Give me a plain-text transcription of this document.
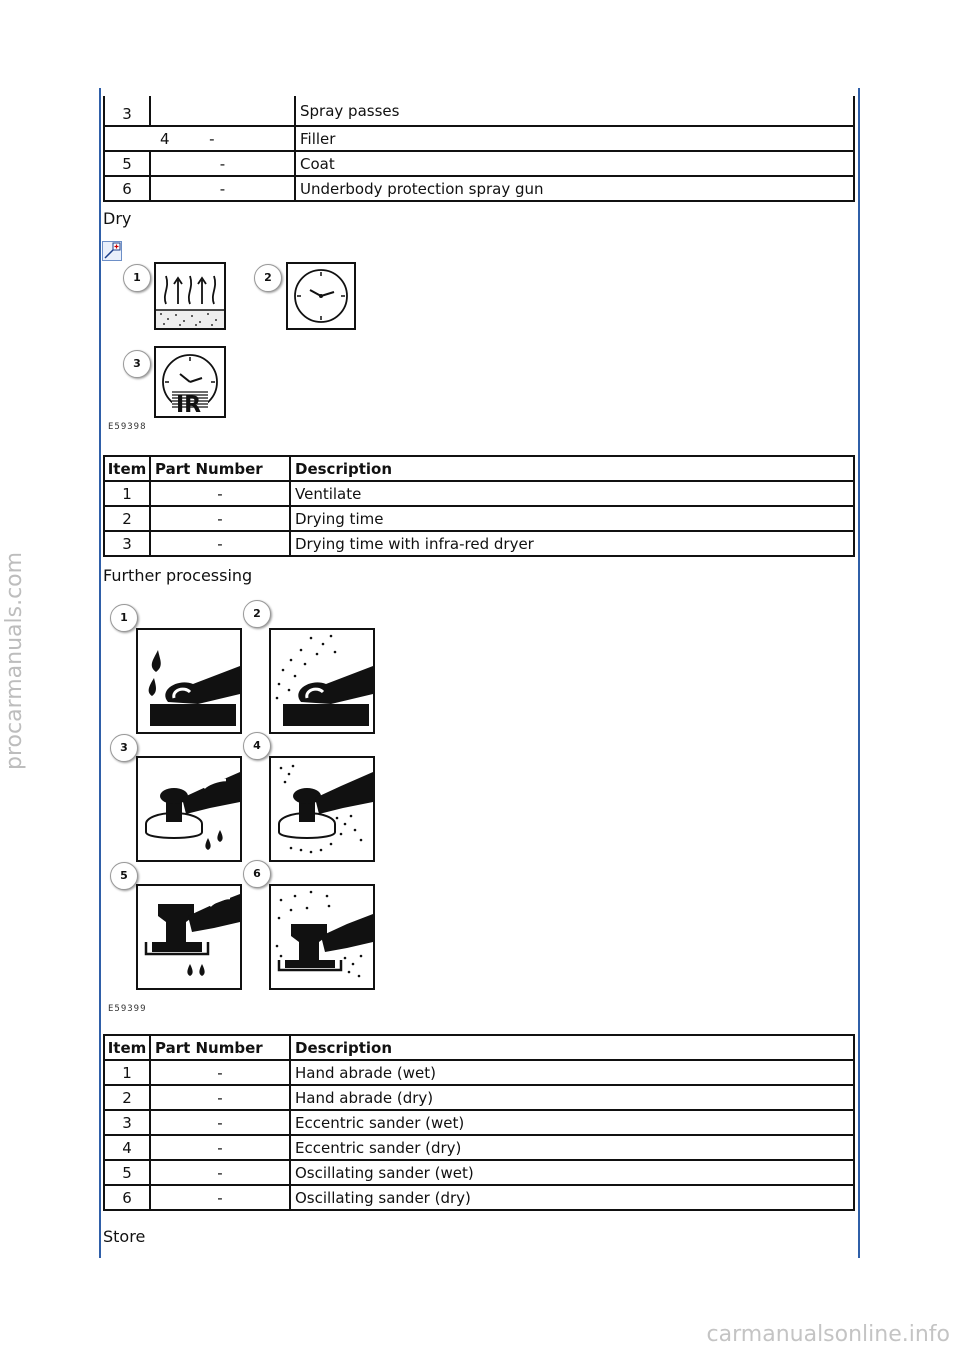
3		Spray passes
	4 -	Filler
5	-	Coat
6	-	Underbody protection spray gun
Dry
1	2
3
IR
E59398
Item	Part Number	Description
1	-	Ventilate
2	-	Drying time
3	-	Drying time with infra-red dryer
Further processing
1	2
3	4
5	6
E59399
Item	Part Number	Description
1	-	Hand abrade (wet)
2	-	Hand abrade (dry)
3	-	Eccentric sander (wet)
4	-	Eccentric sander (dry)
5	-	Oscillating sander (wet)
6	-	Oscillating sander (dry)
Store
procarmanuals.com
carmanualsonline.info
